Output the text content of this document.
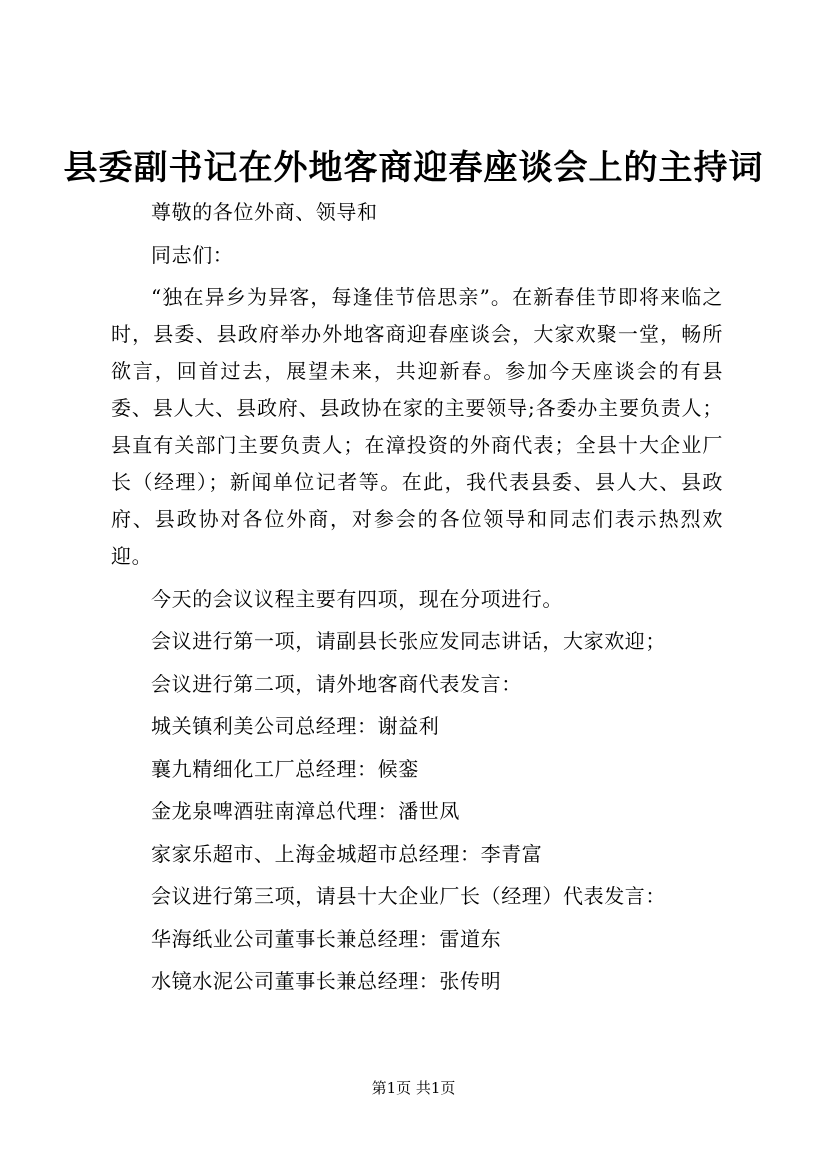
县委副书记在外地客商迎春座谈会上的主持词

尊敬的各位外商、领导和

同志们：

“独在异乡为异客，每逢佳节倍思亲”。在新春佳节即将来临之时，县委、县政府举办外地客商迎春座谈会，大家欢聚一堂，畅所欲言，回首过去，展望未来，共迎新春。参加今天座谈会的有县委、县人大、县政府、县政协在家的主要领导;各委办主要负责人；县直有关部门主要负责人；在漳投资的外商代表；全县十大企业厂长（经理）；新闻单位记者等。在此，我代表县委、县人大、县政府、县政协对各位外商，对参会的各位领导和同志们表示热烈欢迎。

今天的会议议程主要有四项，现在分项进行。

会议进行第一项，请副县长张应发同志讲话，大家欢迎；

会议进行第二项，请外地客商代表发言：

城关镇利美公司总经理：谢益利

襄九精细化工厂总经理：候銮

金龙泉啤酒驻南漳总代理：潘世凤

家家乐超市、上海金城超市总经理：李青富

会议进行第三项，请县十大企业厂长（经理）代表发言：

华海纸业公司董事长兼总经理：雷道东

水镜水泥公司董事长兼总经理：张传明

第1页 共1页
